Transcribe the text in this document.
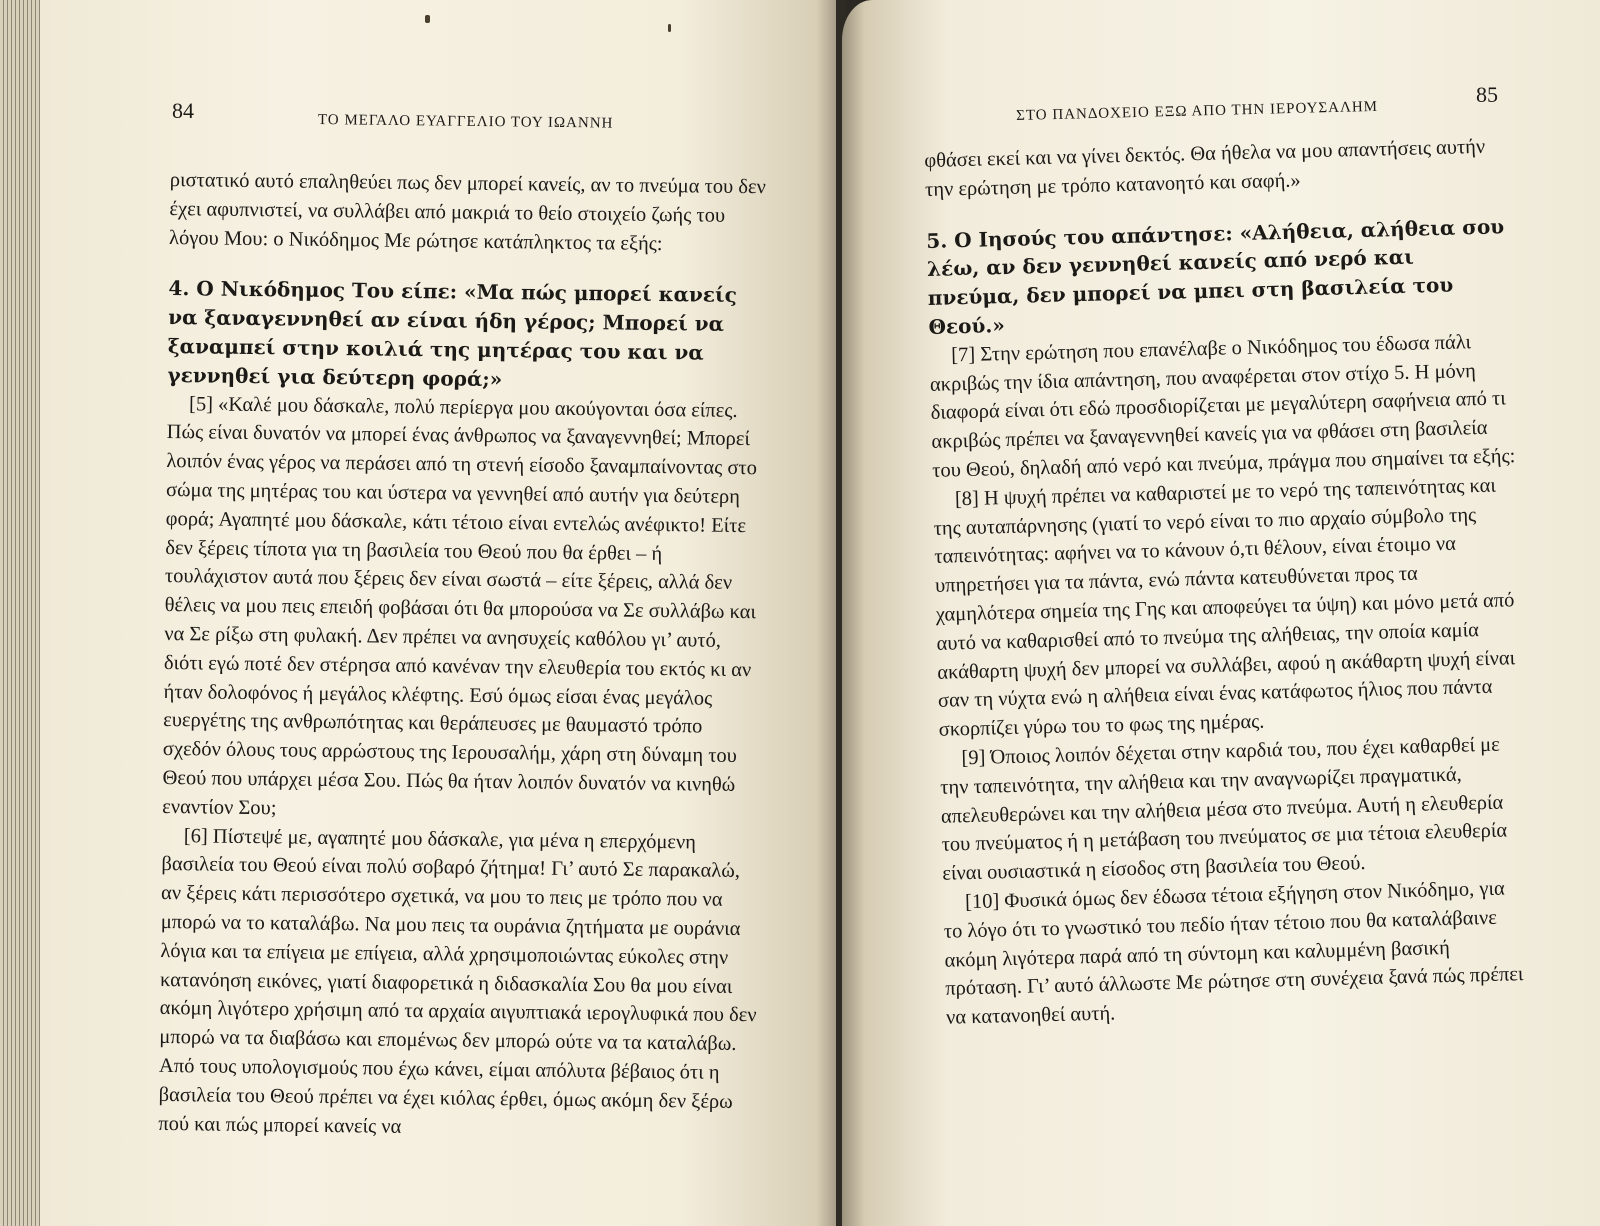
84	ΤΟ ΜΕΓΑΛΟ ΕΥΑΓΓΕΛΙΟ ΤΟΥ ΙΩΑΝΝΗ

ριστατικό αυτό επαληθεύει πως δεν μπορεί κανείς, αν το πνεύμα του δεν έχει αφυπνιστεί, να συλλάβει από μακριά το θείο στοιχείο ζωής του λόγου Μου: ο Νικόδημος Με ρώτησε κατάπληκτος τα εξής:

4. Ο Νικόδημος Του είπε: «Μα πώς μπορεί κανείς να ξαναγεννηθεί αν είναι ήδη γέρος; Μπορεί να ξαναμπεί στην κοιλιά της μητέρας του και να γεννηθεί για δεύτερη φορά;»

[5] «Καλέ μου δάσκαλε, πολύ περίεργα μου ακούγονται όσα είπες. Πώς είναι δυνατόν να μπορεί ένας άνθρωπος να ξαναγεννηθεί; Μπορεί λοιπόν ένας γέρος να περάσει από τη στενή είσοδο ξαναμπαίνοντας στο σώμα της μητέρας του και ύστερα να γεννηθεί από αυτήν για δεύτερη φορά; Αγαπητέ μου δάσκαλε, κάτι τέτοιο είναι εντελώς ανέφικτο! Είτε δεν ξέρεις τίποτα για τη βασιλεία του Θεού που θα έρθει – ή τουλάχιστον αυτά που ξέρεις δεν είναι σωστά – είτε ξέρεις, αλλά δεν θέλεις να μου πεις επειδή φοβάσαι ότι θα μπορούσα να Σε συλλάβω και να Σε ρίξω στη φυλακή. Δεν πρέπει να ανησυχείς καθόλου γι’ αυτό, διότι εγώ ποτέ δεν στέρησα από κανέναν την ελευθερία του εκτός κι αν ήταν δολοφόνος ή μεγάλος κλέφτης. Εσύ όμως είσαι ένας μεγάλος ευεργέτης της ανθρωπότητας και θεράπευσες με θαυμαστό τρόπο σχεδόν όλους τους αρρώστους της Ιερουσαλήμ, χάρη στη δύναμη του Θεού που υπάρχει μέσα Σου. Πώς θα ήταν λοιπόν δυνατόν να κινηθώ εναντίον Σου;

[6] Πίστεψέ με, αγαπητέ μου δάσκαλε, για μένα η επερχόμενη βασιλεία του Θεού είναι πολύ σοβαρό ζήτημα! Γι’ αυτό Σε παρακαλώ, αν ξέρεις κάτι περισσότερο σχετικά, να μου το πεις με τρόπο που να μπορώ να το καταλάβω. Να μου πεις τα ουράνια ζητήματα με ουράνια λόγια και τα επίγεια με επίγεια, αλλά χρησιμοποιώντας εύκολες στην κατανόηση εικόνες, γιατί διαφορετικά η διδασκαλία Σου θα μου είναι ακόμη λιγότερο χρήσιμη από τα αρχαία αιγυπτιακά ιερογλυφικά που δεν μπορώ να τα διαβάσω και επομένως δεν μπορώ ούτε να τα καταλάβω. Από τους υπολογισμούς που έχω κάνει, είμαι απόλυτα βέβαιος ότι η βασιλεία του Θεού πρέπει να έχει κιόλας έρθει, όμως ακόμη δεν ξέρω πού και πώς μπορεί κανείς να

ΣΤΟ ΠΑΝΔΟΧΕΙΟ ΕΞΩ ΑΠΟ ΤΗΝ ΙΕΡΟΥΣΑΛΗΜ
85

φθάσει εκεί και να γίνει δεκτός. Θα ήθελα να μου απαντήσεις αυτήν την ερώτηση με τρόπο κατανοητό και σαφή.»

5. Ο Ιησούς του απάντησε: «Αλήθεια, αλήθεια σου λέω, αν δεν γεννηθεί κανείς από νερό και πνεύμα, δεν μπορεί να μπει στη βασιλεία του Θεού.»

[7] Στην ερώτηση που επανέλαβε ο Νικόδημος του έδωσα πάλι ακριβώς την ίδια απάντηση, που αναφέρεται στον στίχο 5. Η μόνη διαφορά είναι ότι εδώ προσδιορίζεται με μεγαλύτερη σαφήνεια από τι ακριβώς πρέπει να ξαναγεννηθεί κανείς για να φθάσει στη βασιλεία του Θεού, δηλαδή από νερό και πνεύμα, πράγμα που σημαίνει τα εξής:

[8] Η ψυχή πρέπει να καθαριστεί με το νερό της ταπεινότητας και της αυταπάρνησης (γιατί το νερό είναι το πιο αρχαίο σύμβολο της ταπεινότητας: αφήνει να το κάνουν ό,τι θέλουν, είναι έτοιμο να υπηρετήσει για τα πάντα, ενώ πάντα κατευθύνεται προς τα χαμηλότερα σημεία της Γης και αποφεύγει τα ύψη) και μόνο μετά από αυτό να καθαρισθεί από το πνεύμα της αλήθειας, την οποία καμία ακάθαρτη ψυχή δεν μπορεί να συλλάβει, αφού η ακάθαρτη ψυχή είναι σαν τη νύχτα ενώ η αλήθεια είναι ένας κατάφωτος ήλιος που πάντα σκορπίζει γύρω του το φως της ημέρας.

[9] Όποιος λοιπόν δέχεται στην καρδιά του, που έχει καθαρθεί με την ταπεινότητα, την αλήθεια και την αναγνωρίζει πραγματικά, απελευθερώνει και την αλήθεια μέσα στο πνεύμα. Αυτή η ελευθερία του πνεύματος ή η μετάβαση του πνεύματος σε μια τέτοια ελευθερία είναι ουσιαστικά η είσοδος στη βασιλεία του Θεού.

[10] Φυσικά όμως δεν έδωσα τέτοια εξήγηση στον Νικόδημο, για το λόγο ότι το γνωστικό του πεδίο ήταν τέτοιο που θα καταλάβαινε ακόμη λιγότερα παρά από τη σύντομη και καλυμμένη βασική πρόταση. Γι’ αυτό άλλωστε Με ρώτησε στη συνέχεια ξανά πώς πρέπει να κατανοηθεί αυτή.
